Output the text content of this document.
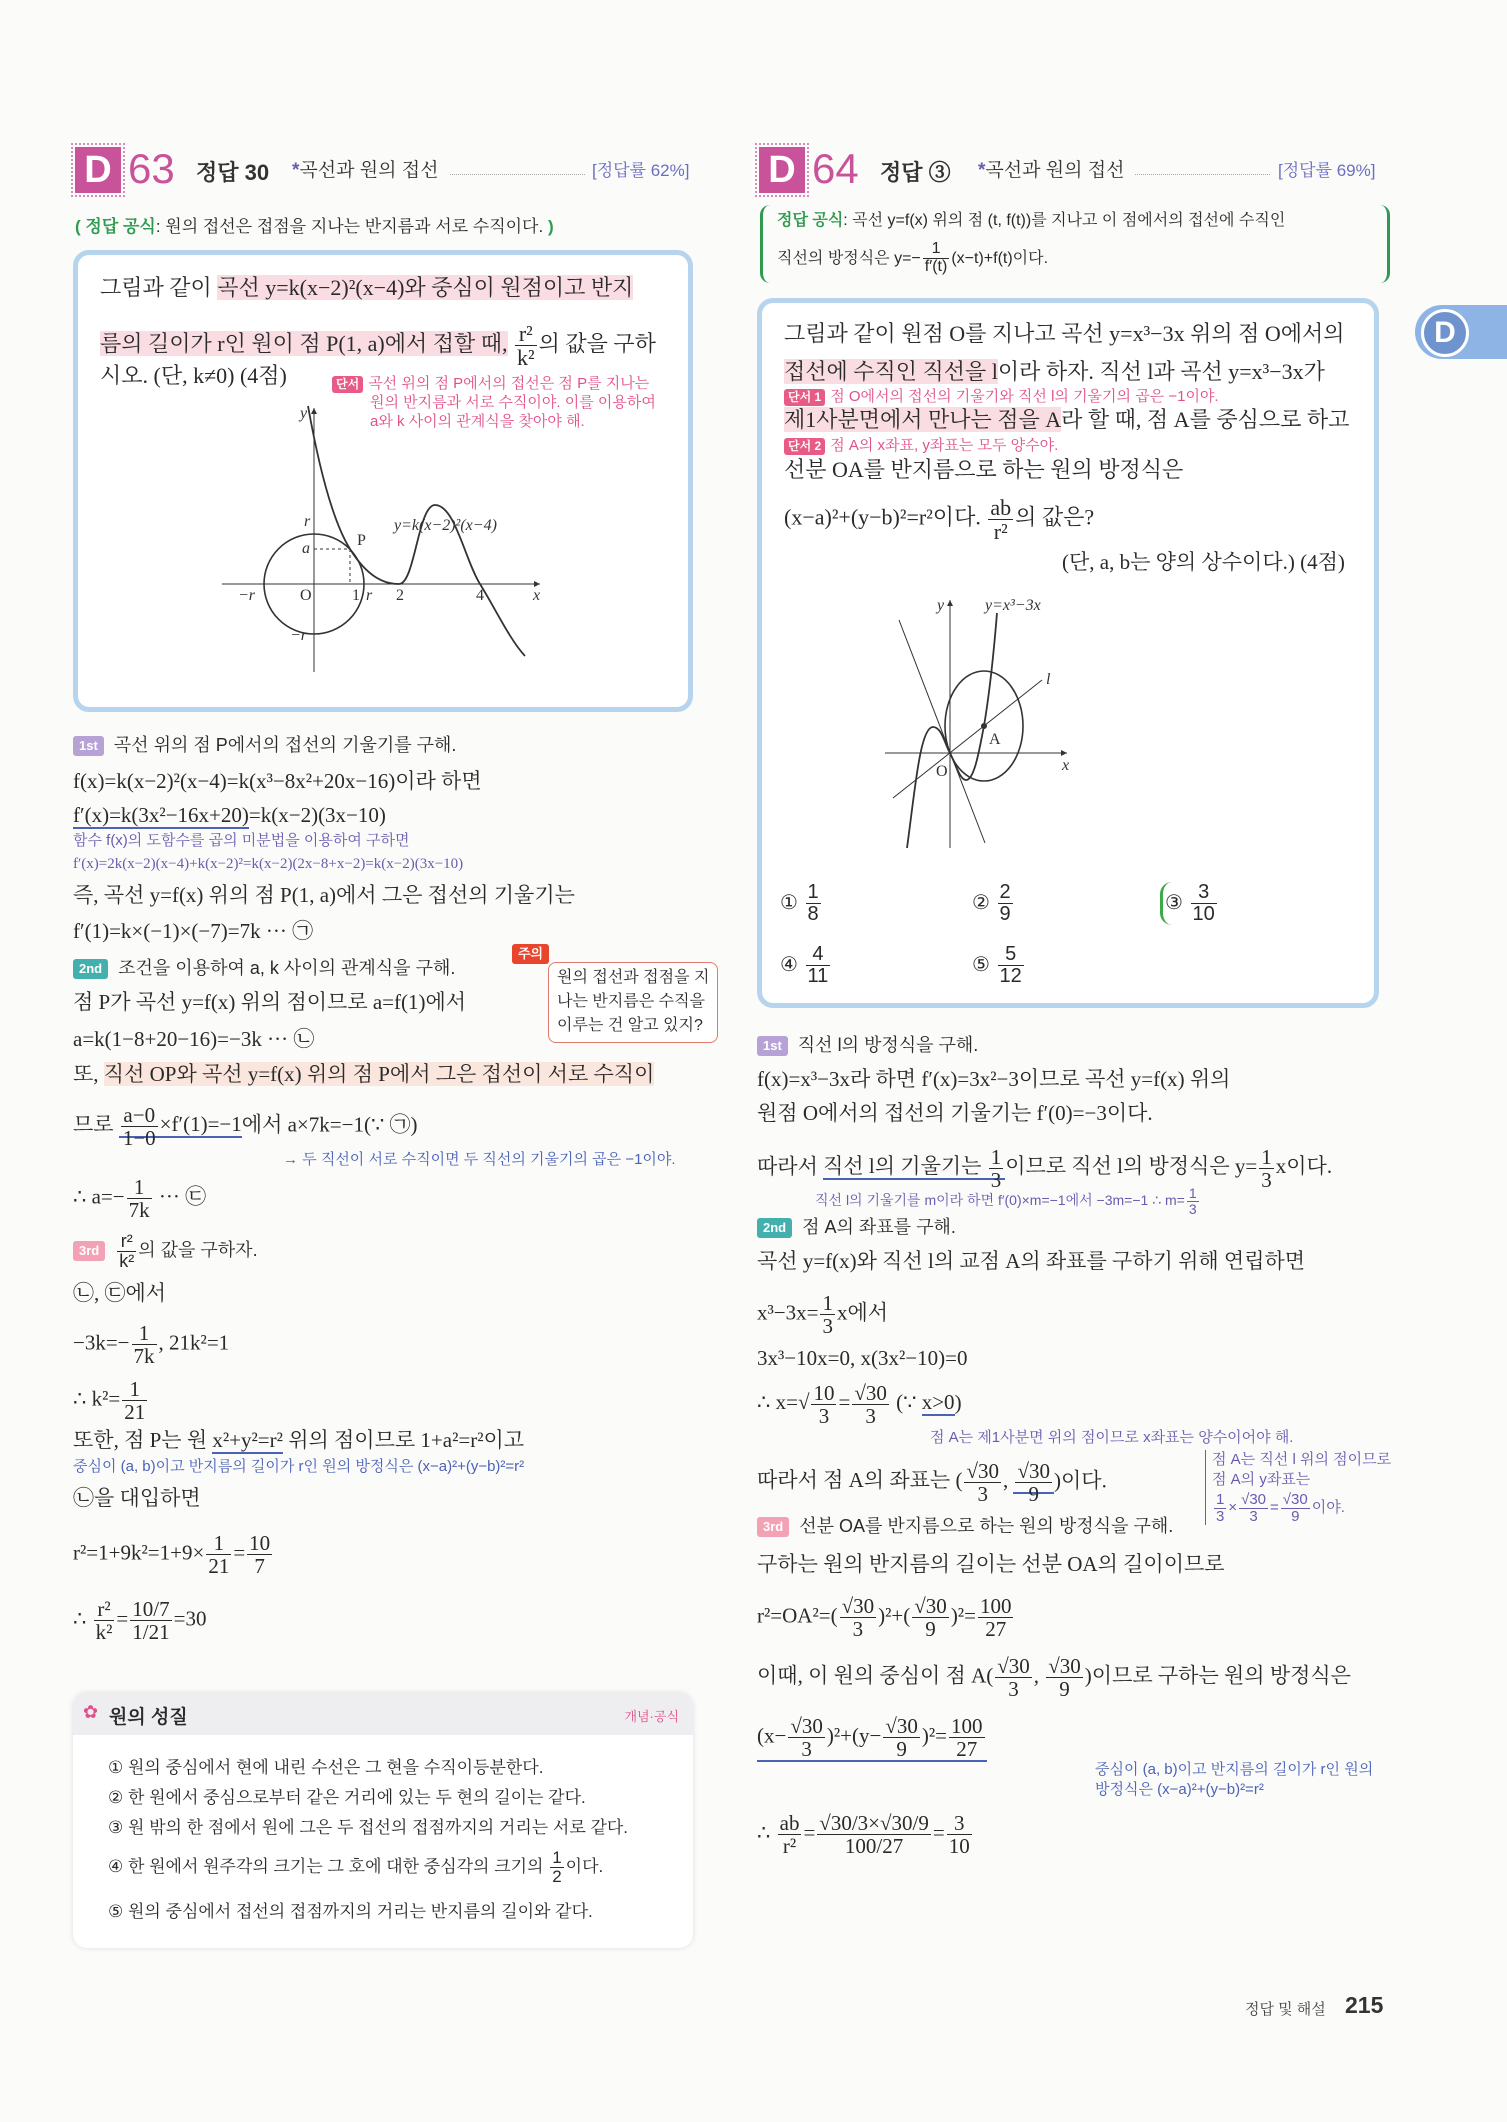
D 63 정답 30 *곡선과 원의 접선	[정답률 62%]
( 정답 공식: 원의 접선은 접점을 지나는 반지름과 서로 수직이다. )
그림과 같이 곡선 y=k(x−2)²(x−4)와 중심이 원점이고 반지
름의 길이가 r인 원이 점 P(1, a)에서 접할 때, $\frac{\text{r²}}{\text{k²}}$ 의 값을 구하
시오. (단, k≠0) (4점)	단서 곡선 위의 점 P에서의 접선은 점 P를 지나는
원의 반지름과 서로 수직이야. 이를 이용하여
a와 k 사이의 관계식을 찾아야 해.
1st 곡선 위의 점 P에서의 접선의 기울기를 구해.
f(x)=k(x−2)²(x−4)=k(x³−8x²+20x−16)이라 하면
f′(x)=k(3x²−16x+20)=k(x−2)(3x−10)
함수 f(x)의 도함수를 곱의 미분법을 이용하여 구하면
f′(x)=2k(x−2)(x−4)+k(x−2)²=k(x−2)(2x−8+x−2)=k(x−2)(3x−10)
즉, 곡선 y=f(x) 위의 점 P(1, a)에서 그은 접선의 기울기는
f′(1)=k×(−1)×(−7)=7k ··· ㉠
2nd 조건을 이용하여 a, k 사이의 관계식을 구해.
주의
원의 접선과 접점을 지
나는 반지름은 수직을
이루는 건 알고 있지?
점 P가 곡선 y=f(x) 위의 점이므로 a=f(1)에서
a=k(1−8+20−16)=−3k ··· ㉡
또, 직선 OP와 곡선 y=f(x) 위의 점 P에서 그은 접선이 서로 수직이
므로 $\frac{a-0}{1-0} \times f'(1)=-1$에서 a×7k=−1(∵ ㉠)
→ 두 직선이 서로 수직이면 두 직선의 기울기의 곱은 −1이야.
∴ $a=- \frac{1}{7k}$ ··· ㉢
$3rd \frac{\text{r²}}{\text{k²}}$ 의 값을 구하자.
㉡, ㉢에서
$-3k=- \frac{1}{7k}$ , 21k²=1
∴ $k^2= \frac{1}{21}$
또한, 점 P는 원 x²+y²=r² 위의 점이므로 1+a²=r²이고
중심이 (a, b)이고 반지름의 길이가 r인 원의 방정식은 (x−a)²+(y−b)²=r²
㉡을 대입하면
$r^2=1+9k^2=1+9\times \frac{1}{21} = \frac{10}{7}$
∴ $\frac{\text{r²}}{\text{k²}} = \frac{10/7}{1/21} =30$
✿ 원의 성질	개념·공식
① 원의 중심에서 현에 내린 수선은 그 현을 수직이등분한다.
② 한 원에서 중심으로부터 같은 거리에 있는 두 현의 길이는 같다.
③ 원 밖의 한 점에서 원에 그은 두 접선의 접점까지의 거리는 서로 같다.
④ 한 원에서 원주각의 크기는 그 호에 대한 중심각의 크기의 $\frac{1}{2}$ 이다.
⑤ 원의 중심에서 접선의 접점까지의 거리는 반지름의 길이와 같다.
D 64 정답 ③ *곡선과 원의 접선	[정답률 69%]
정답 공식: 곡선 y=f(x) 위의 점 (t, f(t))를 지나고 이 점에서의 접선에 수직인
직선의 방정식은 $y=- \frac{1}{f'(t)} (x-t)+f(t)$이다.
그림과 같이 원점 O를 지나고 곡선 y=x³−3x 위의 점 O에서의
접선에 수직인 직선을 l이라 하자. 직선 l과 곡선 y=x³−3x가
단서 1 점 O에서의 접선의 기울기와 직선 l의 기울기의 곱은 −1이야.
제1사분면에서 만나는 점을 A라 할 때, 점 A를 중심으로 하고
단서 2 점 A의 x좌표, y좌표는 모두 양수야.
선분 OA를 반지름으로 하는 원의 방정식은
(x−a)²+(y−b)²=r²이다. $\frac{ab}{\text{r²}}$ 의 값은?
(단, a, b는 양의 상수이다.) (4점)
① $\frac{1}{8}$	② $\frac{2}{9}$	③ $\frac{3}{10}$
④ $\frac{4}{11}$	⑤ $\frac{5}{12}$
1st 직선 l의 방정식을 구해.
f(x)=x³−3x라 하면 f′(x)=3x²−3이므로 곡선 y=f(x) 위의
원점 O에서의 접선의 기울기는 f′(0)=−3이다.
따라서 직선 l의 기울기는 $\frac{1}{3}$ 이므로 직선 l의 방정식은 $y= \frac{1}{3}$ x이다.
직선 l의 기울기를 m이라 하면 f′(0)×m=−1에서 −3m=−1 ∴ $m= \frac{1}{3}$
2nd 점 A의 좌표를 구해.
곡선 y=f(x)와 직선 l의 교점 A의 좌표를 구하기 위해 연립하면
$x^3-3x= \frac{1}{3}$ x에서
3x³−10x=0, x(3x²−10)=0
∴ $x=√ \frac{10}{3} = \frac{√30}{3}$ (∵ x>0)
점 A는 제1사분면 위의 점이므로 x좌표는 양수이어야 해.
따라서 점 A의 좌표는 ( $\frac{√30}{3}$ , $\frac{√30}{9}$ )이다.
점 A는 직선 l 위의 점이므로
점 A의 y좌표는
$\frac{1}{3} \times \frac{√30}{3} = \frac{√30}{9}$ 이야.
3rd 선분 OA를 반지름으로 하는 원의 방정식을 구해.
구하는 원의 반지름의 길이는 선분 OA의 길이이므로
$r^2=OA^2=( \frac{√30}{3} )^2+( \frac{√30}{9} )^2= \frac{100}{27}$
이때, 이 원의 중심이 점 $A( \frac{√30}{3}$ , $\frac{√30}{9}$ )이므로 구하는 원의 방정식은
$(x- \frac{√30}{3} )^2+(y- \frac{√30}{9} )^2= \frac{100}{27}$
중심이 (a, b)이고 반지름의 길이가 r인 원의
방정식은 (x−a)²+(y−b)²=r²
∴ $\frac{ab}{\text{r²}} = \frac{√30/3\times√30/9}{100/27} = \frac{3}{10}$
D
정답 및 해설 215
y
x
O
r
a	P
−r	1 r 2	4
−r
y=k(x−2)²(x−4)
y
x
O
A
l
y=x³−3x
